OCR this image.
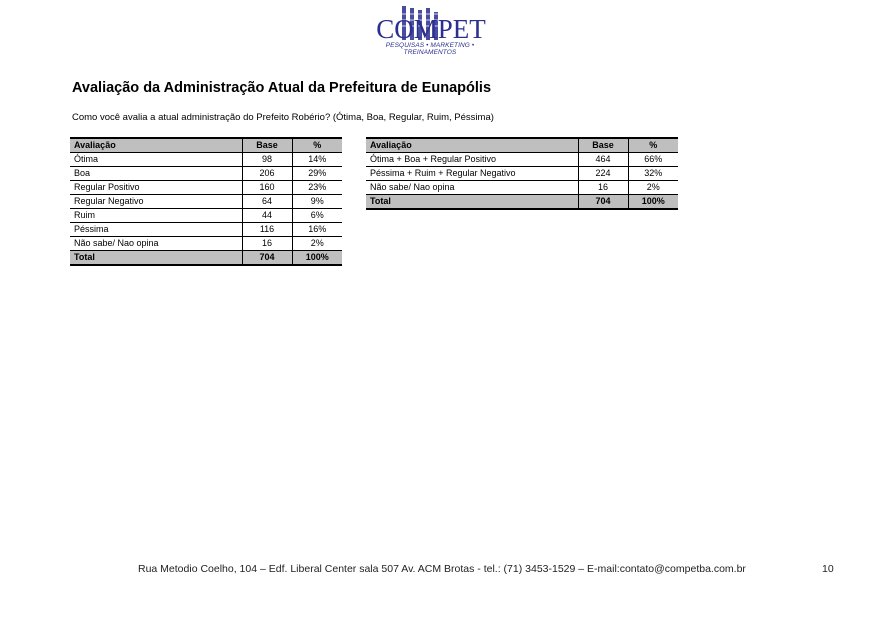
COMPET
PESQUISAS • MARKETING • TREINAMENTOS
Avaliação da Administração Atual da Prefeitura de Eunapólis
Como você avalia a atual administração do Prefeito Robério? (Ótima, Boa, Regular, Ruim, Péssima)
Avaliação	Base	%
Ótima	98	14%
Boa	206	29%
Regular Positivo	160	23%
Regular Negativo	64	9%
Ruim	44	6%
Péssima	116	16%
Não sabe/ Nao opina	16	2%
Total	704	100%
Avaliação	Base	%
Ótima + Boa + Regular Positivo	464	66%
Péssima + Ruim + Regular Negativo	224	32%
Não sabe/ Nao opina	16	2%
Total	704	100%
Rua Metodio Coelho, 104 – Edf. Liberal Center sala 507 Av. ACM Brotas - tel.: (71) 3453-1529 – E-mail:contato@competba.com.br	10
